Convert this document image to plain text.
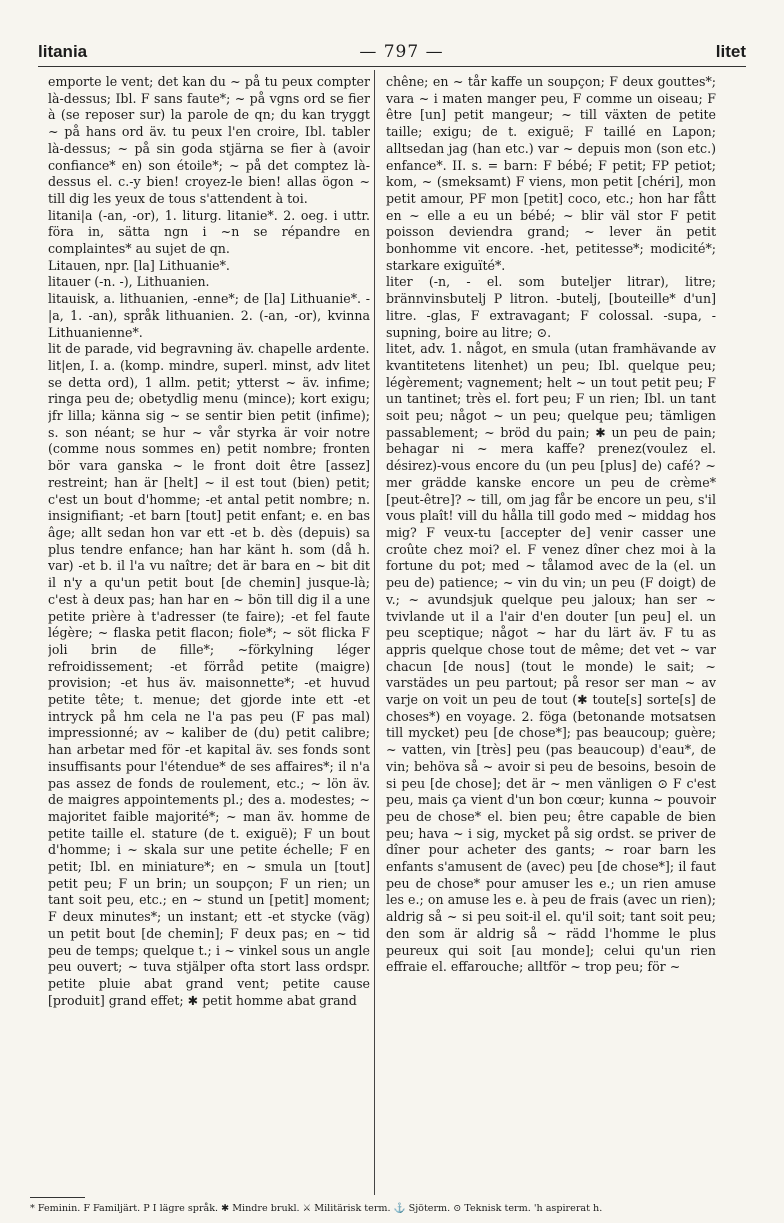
litania	— 797 —	litet

emporte le vent; det kan du ~ på tu peux compter là-dessus; Ibl. F sans faute*; ~ på vgns ord se fier à (se reposer sur) la parole de qn; du kan tryggt ~ på hans ord äv. tu peux l'en croire, Ibl. tabler là-dessus; ~ på sin goda stjärna se fier à (avoir confiance* en) son étoile*; ~ på det comptez là-dessus el. c.-y bien! croyez-le bien! allas ögon ~ till dig les yeux de tous s'attendent à toi.

litani|a (-an, -or), 1. liturg. litanie*. 2. oeg. i uttr. föra in, sätta ngn i ~n se répandre en complaintes* au sujet de qn.

Litauen, npr. [la] Lithuanie*.

litauer (-n. -), Lithuanien.

litauisk, a. lithuanien, -enne*; de [la] Lithuanie*. -|a, 1. -an), språk lithuanien. 2. (-an, -or), kvinna Lithuanienne*.

lit de parade, vid begravning äv. chapelle ardente.

lit|en, I. a. (komp. mindre, superl. minst, adv litet se detta ord), 1 allm. petit; ytterst ~ äv. infime; ringa peu de; obetydlig menu (mince); kort exigu; jfr lilla; känna sig ~ se sentir bien petit (infime); s. son néant; se hur ~ vår styrka är voir notre (comme nous sommes en) petit nombre; fronten bör vara ganska ~ le front doit être [assez] restreint; han är [helt] ~ il est tout (bien) petit; c'est un bout d'homme; -et antal petit nombre; n. insignifiant; -et barn [tout] petit enfant; e. en bas âge; allt sedan hon var ett -et b. dès (depuis) sa plus tendre enfance; han har känt h. som (då h. var) -et b. il l'a vu naître; det är bara en ~ bit dit il n'y a qu'un petit bout [de chemin] jusque-là; c'est à deux pas; han har en ~ bön till dig il a une petite prière à t'adresser (te faire); -et fel faute légère; ~ flaska petit flacon; fiole*; ~ söt flicka F joli brin de fille*; ~förkylning léger refroidissement; -et förråd petite (maigre) provision; -et hus äv. maisonnette*; -et huvud petite tête; t. menue; det gjorde inte ett -et intryck på hm cela ne l'a pas peu (F pas mal) impressionné; av ~ kaliber de (du) petit calibre; han arbetar med för -et kapital äv. ses fonds sont insuffisants pour l'étendue* de ses affaires*; il n'a pas assez de fonds de roulement, etc.; ~ lön äv. de maigres appointements pl.; des a. modestes; ~ majoritet faible majorité*; ~ man äv. homme de petite taille el. stature (de t. exiguë); F un bout d'homme; i ~ skala sur une petite échelle; F en petit; Ibl. en miniature*; en ~ smula un [tout] petit peu; F un brin; un soupçon; F un rien; un tant soit peu, etc.; en ~ stund un [petit] moment; F deux minutes*; un instant; ett -et stycke (väg) un petit bout [de chemin]; F deux pas; en ~ tid peu de temps; quelque t.; i ~ vinkel sous un angle peu ouvert; ~ tuva stjälper ofta stort lass ordspr. petite pluie abat grand vent; petite cause [produit] grand effet; ✱ petit homme abat grand

chêne; en ~ tår kaffe un soupçon; F deux gouttes*; vara ~ i maten manger peu, F comme un oiseau; F être [un] petit mangeur; ~ till växten de petite taille; exigu; de t. exiguë; F taillé en Lapon; alltsedan jag (han etc.) var ~ depuis mon (son etc.) enfance*. II. s. = barn: F bébé; F petit; FP petiot; kom, ~ (smeksamt) F viens, mon petit [chéri], mon petit amour, PF mon [petit] coco, etc.; hon har fått en ~ elle a eu un bébé; ~ blir väl stor F petit poisson deviendra grand; ~ lever än petit bonhomme vit encore. -het, petitesse*; modicité*; starkare exiguïté*.

liter (-n, - el. som butelјer litrar), litre; brännvinsbutelj P litron. -butelj, [bouteille* d'un] litre. -glas, F extravagant; F colossal. -supa, -supning, boire au litre; ⊙.

litet, adv. 1. något, en smula (utan framhävande av kvantitetens litenhet) un peu; Ibl. quelque peu; légèrement; vagnement; helt ~ un tout petit peu; F un tantinet; très el. fort peu; F un rien; Ibl. un tant soit peu; något ~ un peu; quelque peu; tämligen passablement; ~ bröd du pain; ✱ un peu de pain; behagar ni ~ mera kaffe? prenez(voulez el. désirez)-vous encore du (un peu [plus] de) café? ~ mer grädde kanske encore un peu de crème* [peut-être]? ~ till, om jag får be encore un peu, s'il vous plaît! vill du hålla till godo med ~ middag hos mig? F veux-tu [accepter de] venir casser une croûte chez moi? el. F venez dîner chez moi à la fortune du pot; med ~ tålamod avec de la (el. un peu de) patience; ~ vin du vin; un peu (F doigt) de v.; ~ avundsjuk quelque peu jaloux; han ser ~ tvivlande ut il a l'air d'en douter [un peu] el. un peu sceptique; något ~ har du lärt äv. F tu as appris quelque chose tout de même; det vet ~ var chacun [de nous] (tout le monde) le sait; ~ varstädes un peu partout; på resor ser man ~ av varje on voit un peu de tout (✱ toute[s] sorte[s] de choses*) en voyage. 2. föga (betonande motsatsen till mycket) peu [de chose*]; pas beaucoup; guère; ~ vatten, vin [très] peu (pas beaucoup) d'eau*, de vin; behöva så ~ avoir si peu de besoins, besoin de si peu [de chose]; det är ~ men vänligen ⊙ F c'est peu, mais ça vient d'un bon cœur; kunna ~ pouvoir peu de chose* el. bien peu; être capable de bien peu; hava ~ i sig, mycket på sig ordst. se priver de dîner pour acheter des gants; ~ roar barn les enfants s'amusent de (avec) peu [de chose*]; il faut peu de chose* pour amuser les e.; un rien amuse les e.; on amuse les e. à peu de frais (avec un rien); aldrig så ~ si peu soit-il el. qu'il soit; tant soit peu; den som är aldrig så ~ rädd l'homme le plus peureux qui soit [au monde]; celui qu'un rien effraie el. effarouche; alltför ~ trop peu; för ~

* Feminin. F Familjärt. P I lägre språk. ✱ Mindre brukl. ⚔ Militärisk term. ⚓ Sjöterm. ⊙ Teknisk term. 'h aspirerat h.
